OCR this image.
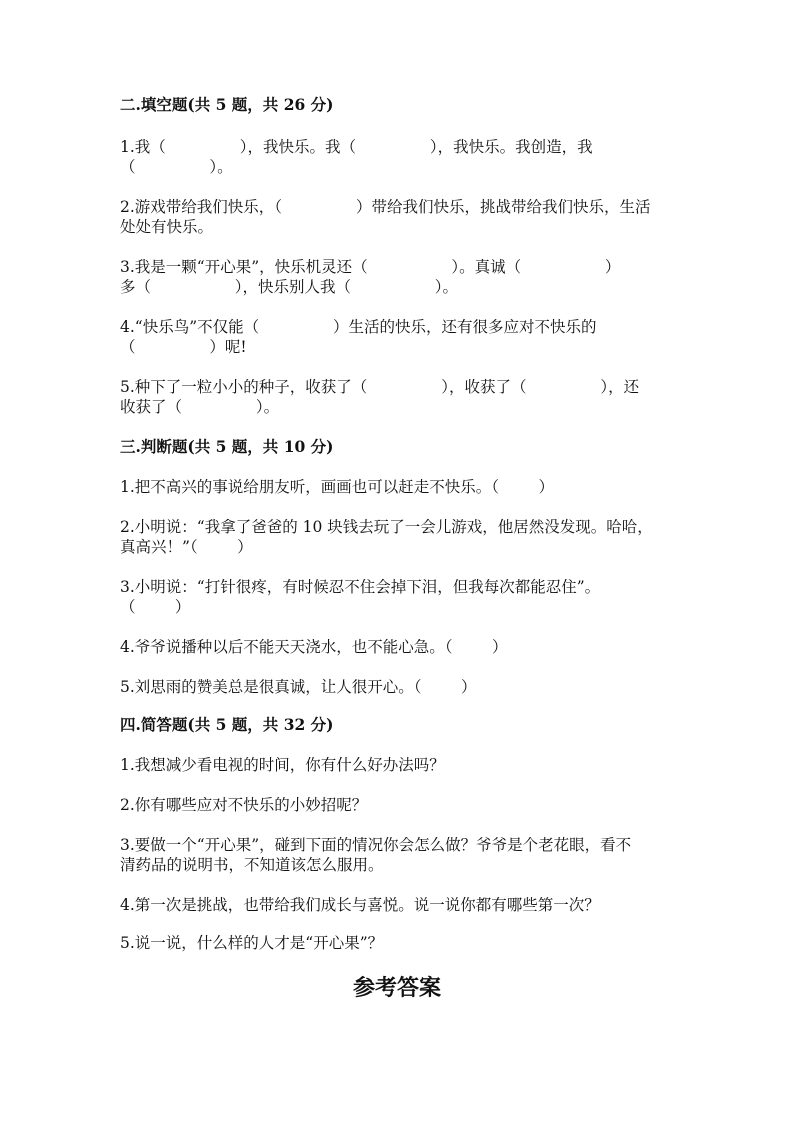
二.填空题(共 5 题，共 26 分)
1.我（               ），我快乐。我（               ），我快乐。我创造，我
（               ）。
2.游戏带给我们快乐，（               ）带给我们快乐，挑战带给我们快乐，生活
处处有快乐。
3.我是一颗“开心果”，快乐机灵还（                 ）。真诚（                 ）
多（                 ），快乐别人我（                 ）。
4.“快乐鸟”不仅能（               ）生活的快乐，还有很多应对不快乐的
（               ）呢!
5.种下了一粒小小的种子，收获了（               ），收获了（               ），还
收获了（               ）。
三.判断题(共 5 题，共 10 分)
1.把不高兴的事说给朋友听，画画也可以赶走不快乐。（        ）
2.小明说：“我拿了爸爸的 10 块钱去玩了一会儿游戏，他居然没发现。哈哈，
真高兴！”（        ）
3.小明说：“打针很疼，有时候忍不住会掉下泪，但我每次都能忍住”。
（        ）
4.爷爷说播种以后不能天天浇水，也不能心急。（        ）
5.刘思雨的赞美总是很真诚，让人很开心。（        ）
四.简答题(共 5 题，共 32 分)
1.我想减少看电视的时间，你有什么好办法吗？
2.你有哪些应对不快乐的小妙招呢？
3.要做一个“开心果”，碰到下面的情况你会怎么做？爷爷是个老花眼，看不
清药品的说明书，不知道该怎么服用。
4.第一次是挑战，也带给我们成长与喜悦。说一说你都有哪些第一次？
5.说一说，什么样的人才是“开心果”？
参考答案
